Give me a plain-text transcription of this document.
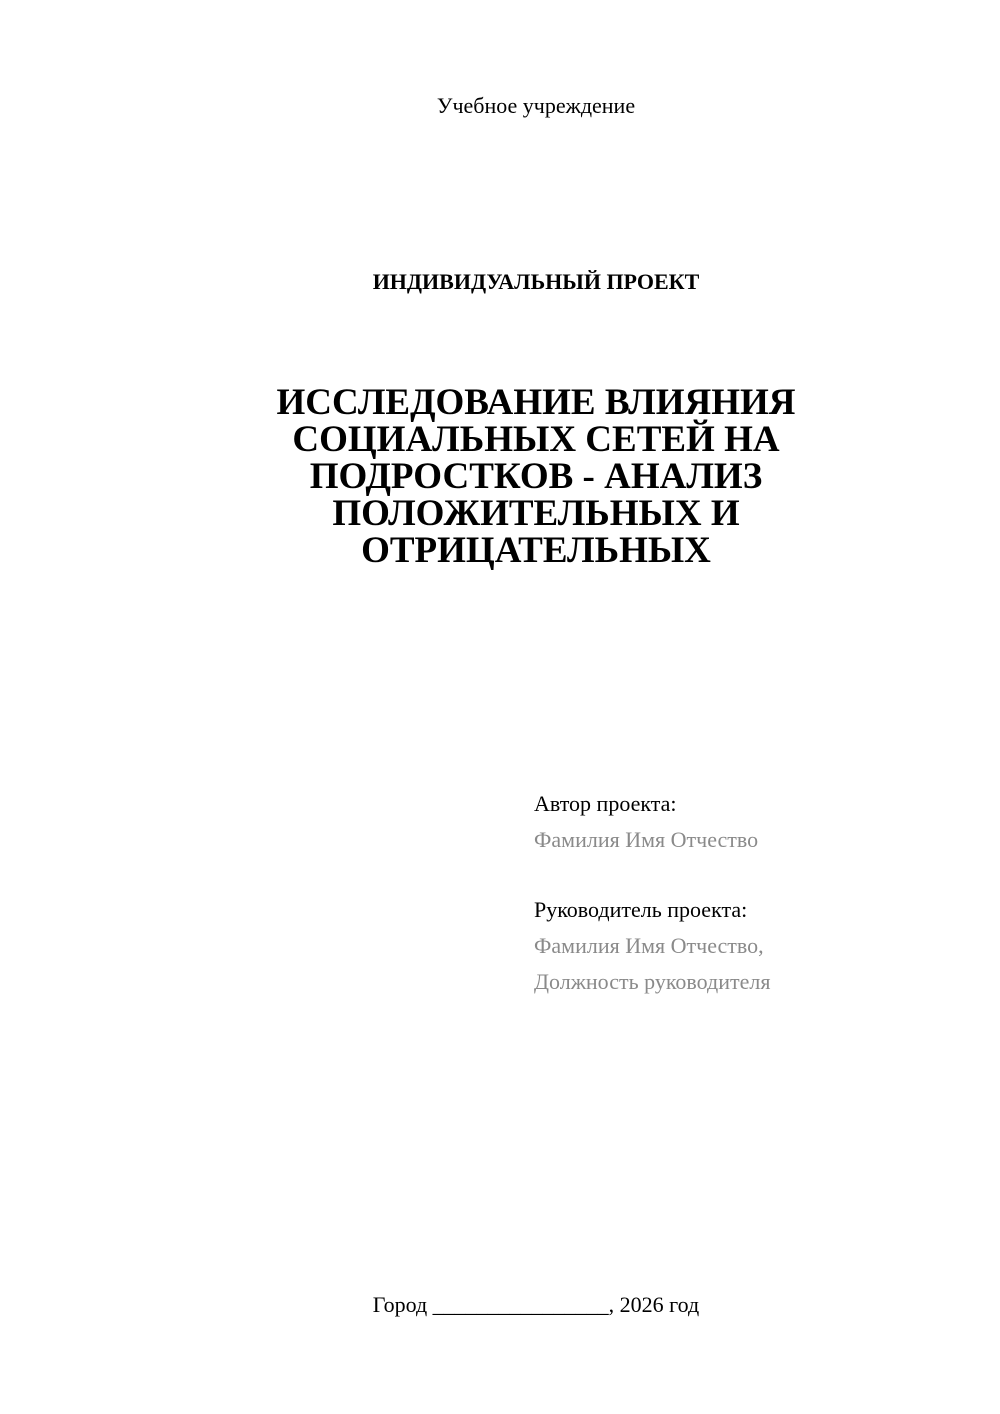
Учебное учреждение
ИНДИВИДУАЛЬНЫЙ ПРОЕКТ
ИССЛЕДОВАНИЕ ВЛИЯНИЯ СОЦИАЛЬНЫХ СЕТЕЙ НА ПОДРОСТКОВ - АНАЛИЗ ПОЛОЖИТЕЛЬНЫХ И ОТРИЦАТЕЛЬНЫХ
Автор проекта:
Фамилия Имя Отчество
Руководитель проекта:
Фамилия Имя Отчество,
Должность руководителя
Город ________________, 2026 год
